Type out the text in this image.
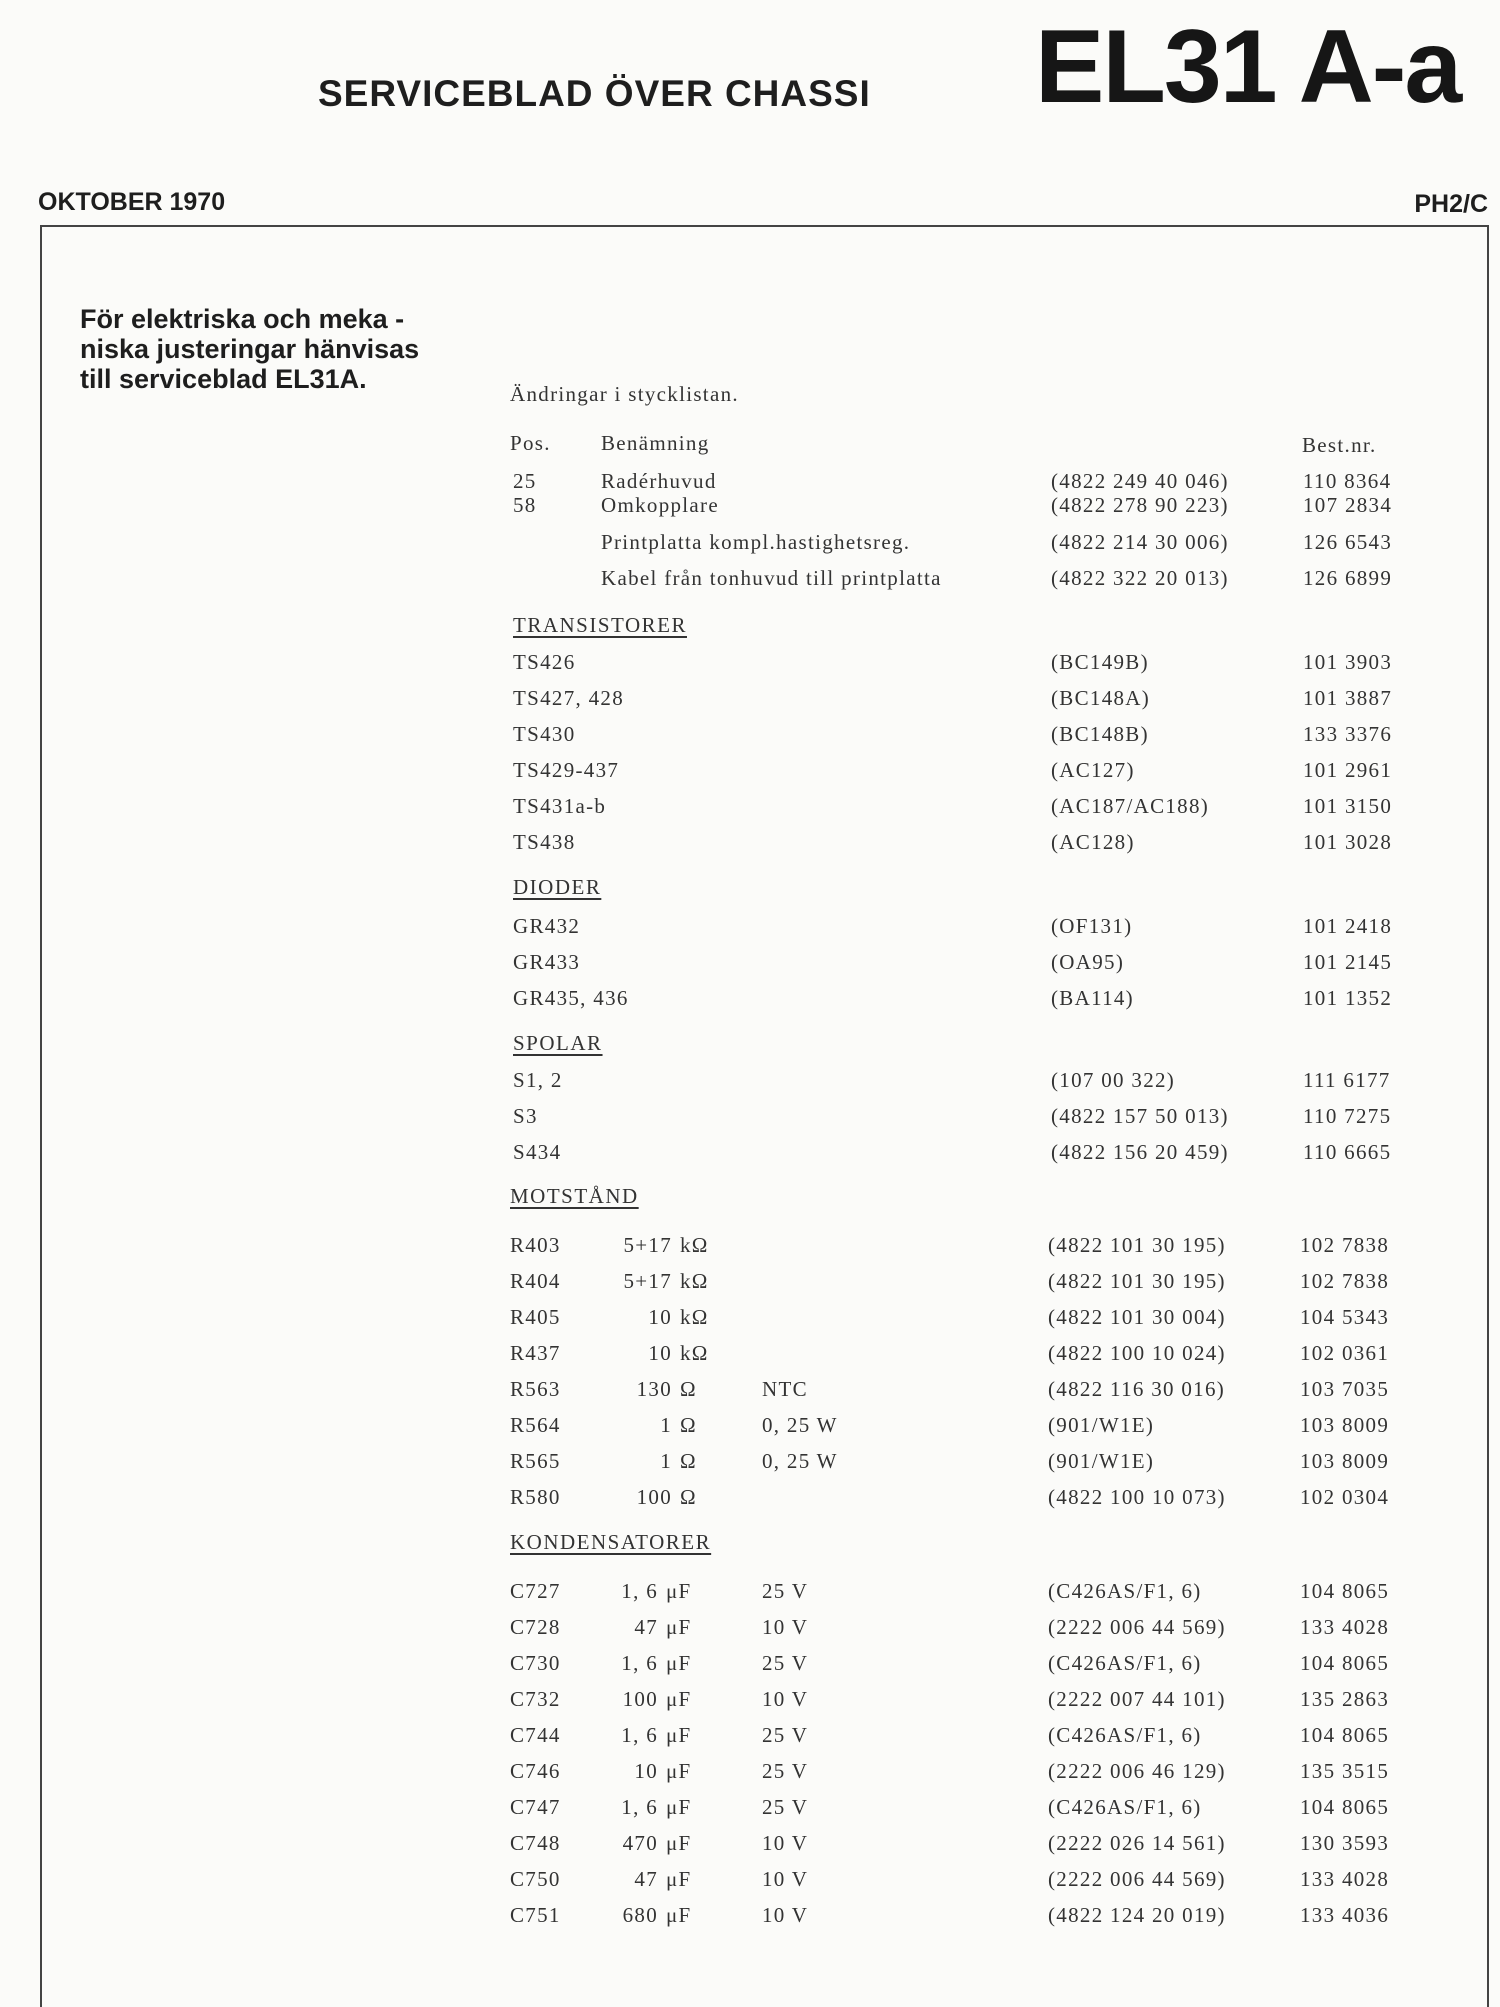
SERVICEBLAD ÖVER CHASSI EL31 A-a
OKTOBER 1970	PH2/C
För elektriska och meka -
niska justeringar hänvisas
till serviceblad EL31A.	Ändringar i stycklistan.
Pos. Benämning	Best.nr.
25	Radérhuvud	(4822 249 40 046)	110 8364
58	Omkopplare	(4822 278 90 223)	107 2834
Printplatta kompl.hastighetsreg.	(4822 214 30 006)	126 6543
Kabel från tonhuvud till printplatta	(4822 322 20 013)	126 6899
TRANSISTORER
TS426	(BC149B)	101 3903
TS427, 428	(BC148A)	101 3887
TS430	(BC148B)	133 3376
TS429-437	(AC127)	101 2961
TS431a-b	(AC187/AC188)	101 3150
TS438	(AC128)	101 3028
DIODER
GR432	(OF131)	101 2418
GR433	(OA95)	101 2145
GR435, 436	(BA114)	101 1352
SPOLAR
S1, 2	(107 00 322)	111 6177
S3	(4822 157 50 013)	110 7275
S434	(4822 156 20 459)	110 6665
MOTSTÅND
R403	5+17 kΩ	(4822 101 30 195)	102 7838
R404	5+17 kΩ	(4822 101 30 195)	102 7838
R405	10 kΩ	(4822 101 30 004)	104 5343
R437	10 kΩ	(4822 100 10 024)	102 0361
R563	130 Ω	NTC	(4822 116 30 016)	103 7035
R564	1 Ω	0, 25 W	(901/W1E)	103 8009
R565	1 Ω	0, 25 W	(901/W1E)	103 8009
R580	100 Ω	(4822 100 10 073)	102 0304
KONDENSATORER
C727	1, 6 μF	25 V	(C426AS/F1, 6)	104 8065
C728	47 μF	10 V	(2222 006 44 569)	133 4028
C730	1, 6 μF	25 V	(C426AS/F1, 6)	104 8065
C732	100 μF	10 V	(2222 007 44 101)	135 2863
C744	1, 6 μF	25 V	(C426AS/F1, 6)	104 8065
C746	10 μF	25 V	(2222 006 46 129)	135 3515
C747	1, 6 μF	25 V	(C426AS/F1, 6)	104 8065
C748	470 μF	10 V	(2222 026 14 561)	130 3593
C750	47 μF	10 V	(2222 006 44 569)	133 4028
C751	680 μF	10 V	(4822 124 20 019)	133 4036
